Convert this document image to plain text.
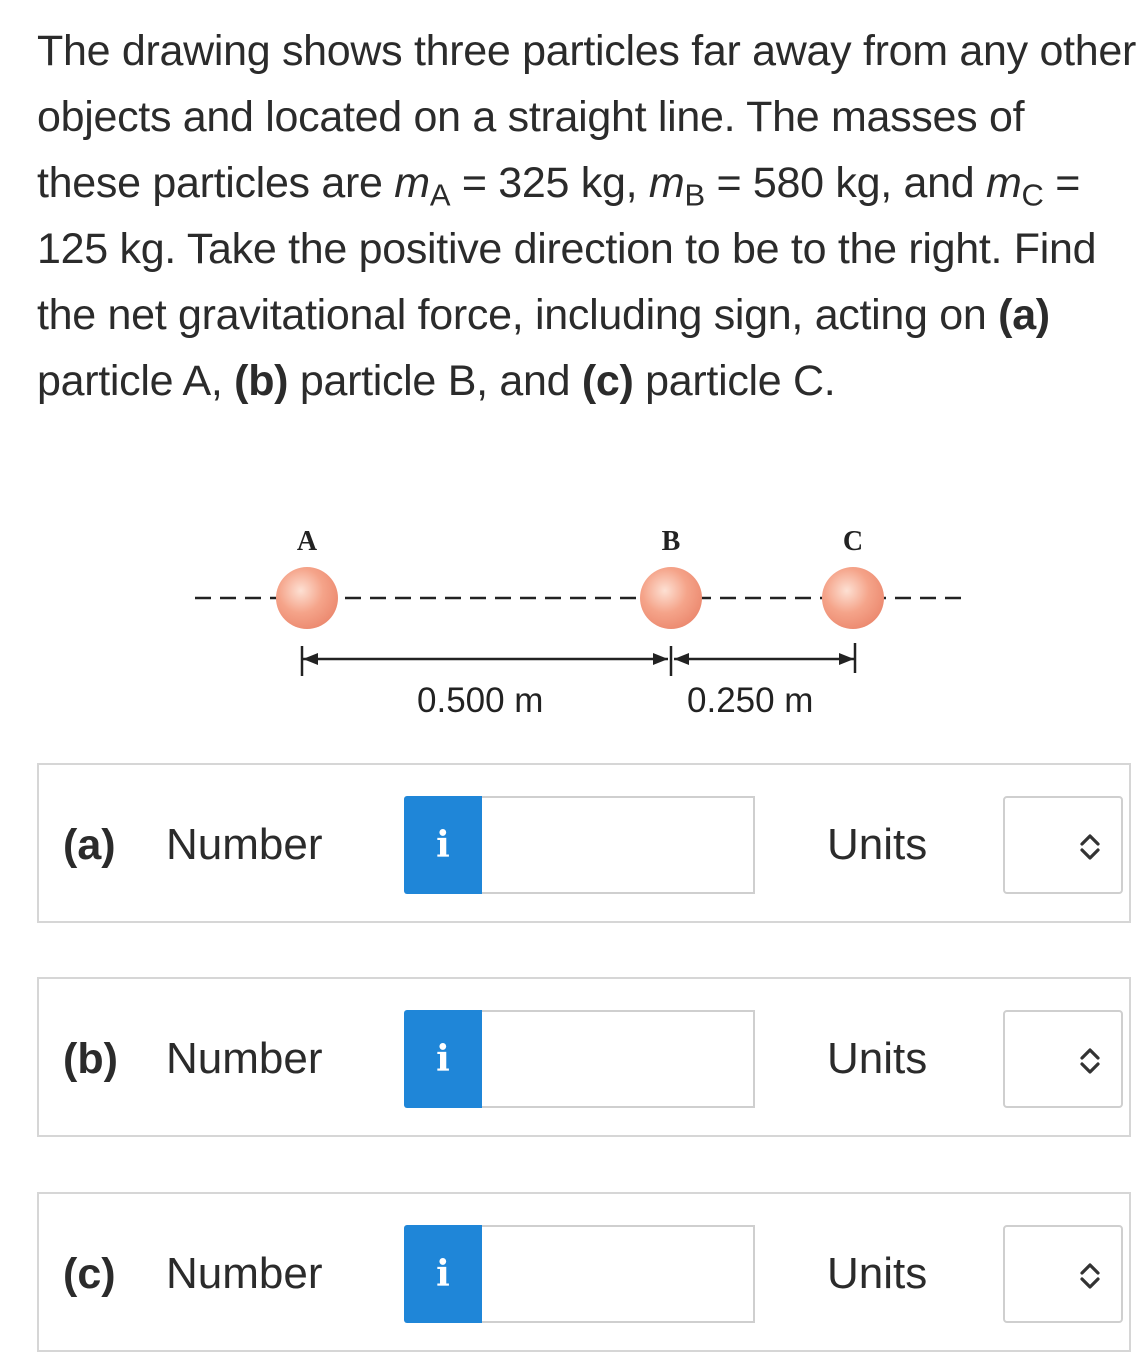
The drawing shows three particles far away from any other objects and located on a straight line. The masses of these particles are $m_A = 325$ kg, $m_B = 580$ kg, and $m_C = 125$ kg. Take the positive direction to be to the right. Find the net gravitational force, including sign, acting on (a) particle A, (b) particle B, and (c) particle C.
A	B	C
0.500 m	0.250 m
(a) Number	i	Units
(b) Number	i	Units
(c) Number	i	Units
